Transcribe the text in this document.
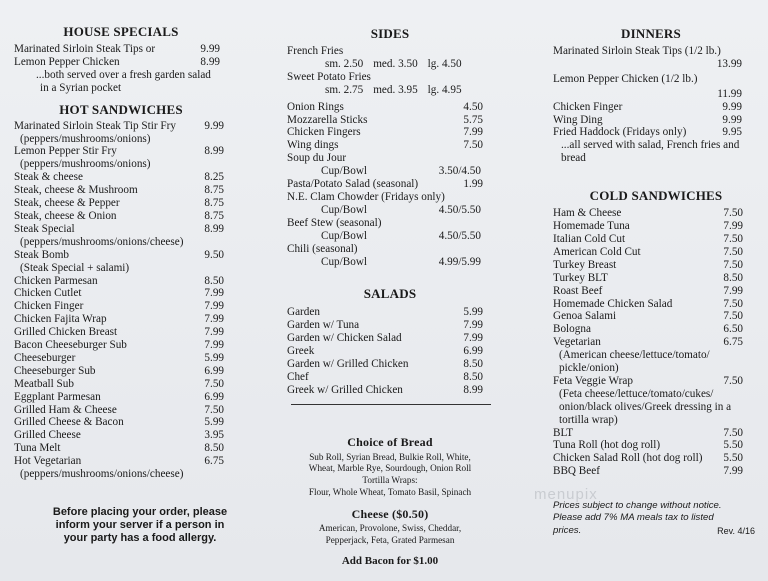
HOUSE SPECIALS
Marinated Sirloin Steak Tips or	9.99
Lemon Pepper Chicken	8.99
...both served over a fresh garden salad
in a Syrian pocket
HOT SANDWICHES
Marinated Sirloin Steak Tip Stir Fry	9.99
(peppers/mushrooms/onions)
Lemon Pepper Stir Fry	8.99
(peppers/mushrooms/onions)
Steak & cheese	8.25
Steak, cheese & Mushroom	8.75
Steak, cheese & Pepper	8.75
Steak, cheese & Onion	8.75
Steak Special	8.99
(peppers/mushrooms/onions/cheese)
Steak Bomb	9.50
(Steak Special + salami)
Chicken Parmesan	8.50
Chicken Cutlet	7.99
Chicken Finger	7.99
Chicken Fajita Wrap	7.99
Grilled Chicken Breast	7.99
Bacon Cheeseburger Sub	7.99
Cheeseburger	5.99
Cheeseburger Sub	6.99
Meatball Sub	7.50
Eggplant Parmesan	6.99
Grilled Ham & Cheese	7.50
Grilled Cheese & Bacon	5.99
Grilled Cheese	3.95
Tuna Melt	8.50
Hot Vegetarian	6.75
(peppers/mushrooms/onions/cheese)
Before placing your order, please
inform your server if a person in
your party has a food allergy.
SIDES
French Fries
sm. 2.50 med. 3.50 lg. 4.50
Sweet Potato Fries
sm. 2.75 med. 3.95 lg. 4.95
Onion Rings	4.50
Mozzarella Sticks	5.75
Chicken Fingers	7.99
Wing dings	7.50
Soup du Jour
Cup/Bowl	3.50/4.50
Pasta/Potato Salad (seasonal)	1.99
N.E. Clam Chowder (Fridays only)
Cup/Bowl	4.50/5.50
Beef Stew (seasonal)
Cup/Bowl	4.50/5.50
Chili (seasonal)
Cup/Bowl	4.99/5.99
SALADS
Garden	5.99
Garden w/ Tuna	7.99
Garden w/ Chicken Salad	7.99
Greek	6.99
Garden w/ Grilled Chicken	8.50
Chef	8.50
Greek w/ Grilled Chicken	8.99
Choice of Bread
Sub Roll, Syrian Bread, Bulkie Roll, White,
Wheat, Marble Rye, Sourdough, Onion Roll
Tortilla Wraps:
Flour, Whole Wheat, Tomato Basil, Spinach
Cheese ($0.50)
American, Provolone, Swiss, Cheddar,
Pepperjack, Feta, Grated Parmesan
Add Bacon for $1.00
DINNERS
Marinated Sirloin Steak Tips (1/2 lb.)
13.99
Lemon Pepper Chicken (1/2 lb.)
11.99
Chicken Finger	9.99
Wing Ding	9.99
Fried Haddock (Fridays only)	9.95
...all served with salad, French fries and
bread
COLD SANDWICHES
Ham & Cheese	7.50
Homemade Tuna	7.99
Italian Cold Cut	7.50
American Cold Cut	7.50
Turkey Breast	7.50
Turkey BLT	8.50
Roast Beef	7.99
Homemade Chicken Salad	7.50
Genoa Salami	7.50
Bologna	6.50
Vegetarian	6.75
(American cheese/lettuce/tomato/
pickle/onion)
Feta Veggie Wrap	7.50
(Feta cheese/lettuce/tomato/cukes/
onion/black olives/Greek dressing in a
tortilla wrap)
BLT	7.50
Tuna Roll (hot dog roll)	5.50
Chicken Salad Roll (hot dog roll) 5.50
BBQ Beef	7.99
menupix
Prices subject to change without notice.
Please add 7% MA meals tax to listed
prices.	Rev. 4/16
